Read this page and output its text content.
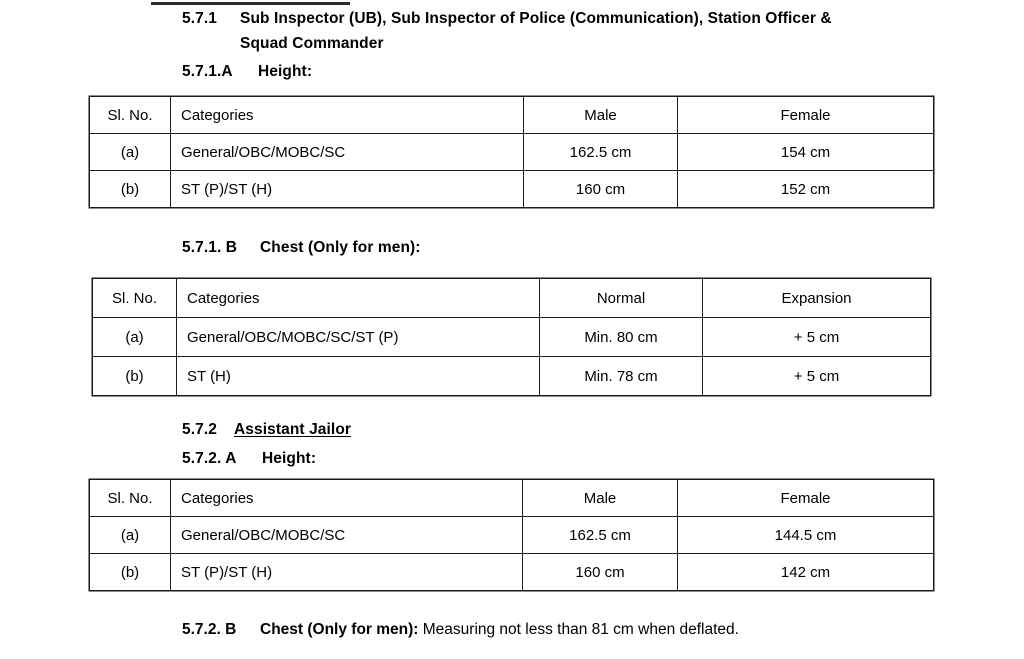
5.7.1 Sub Inspector (UB), Sub Inspector of Police (Communication), Station Officer &
Squad Commander
5.7.1.A Height:
Sl. No.	Categories	Male	Female
(a)	General/OBC/MOBC/SC	162.5 cm	154 cm
(b)	ST (P)/ST (H)	160 cm	152 cm
5.7.1. B Chest (Only for men):
Sl. No.	Categories	Normal	Expansion
(a)	General/OBC/MOBC/SC/ST (P)	Min. 80 cm	+ 5 cm
(b)	ST (H)	Min. 78 cm	+ 5 cm
5.7.2 Assistant Jailor
5.7.2. A Height:
Sl. No.	Categories	Male	Female
(a)	General/OBC/MOBC/SC	162.5 cm	144.5 cm
(b)	ST (P)/ST (H)	160 cm	142 cm
5.7.2. B Chest (Only for men): Measuring not less than 81 cm when deflated.
